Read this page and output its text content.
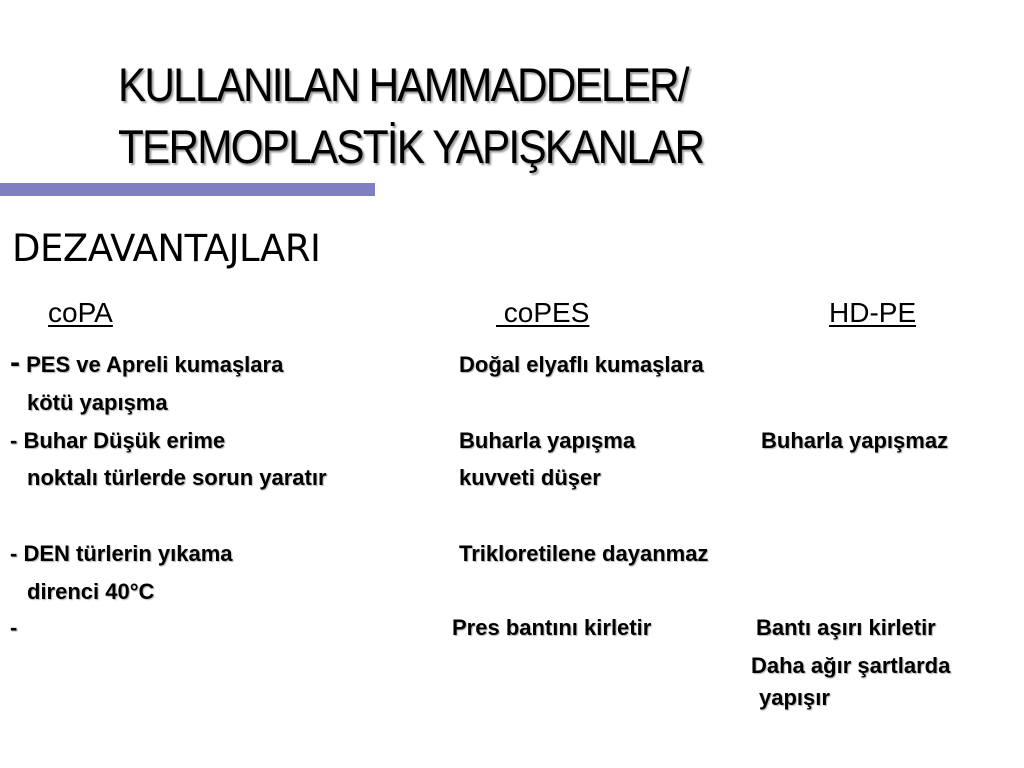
KULLANILAN HAMMADDELER/
TERMOPLASTİK YAPIŞKANLAR
DEZAVANTAJLARI
coPA	coPES	HD-PE
- PES ve Apreli kumaşlara
kötü yapışma
- Buhar Düşük erime
noktalı türlerde sorun yaratır
- DEN türlerin yıkama
direnci 40°C
-
Doğal elyaflı kumaşlara
Buharla yapışma
kuvveti düşer
Trikloretilene dayanmaz
Pres bantını kirletir
Buharla yapışmaz
Bantı aşırı kirletir
Daha ağır şartlarda
yapışır
